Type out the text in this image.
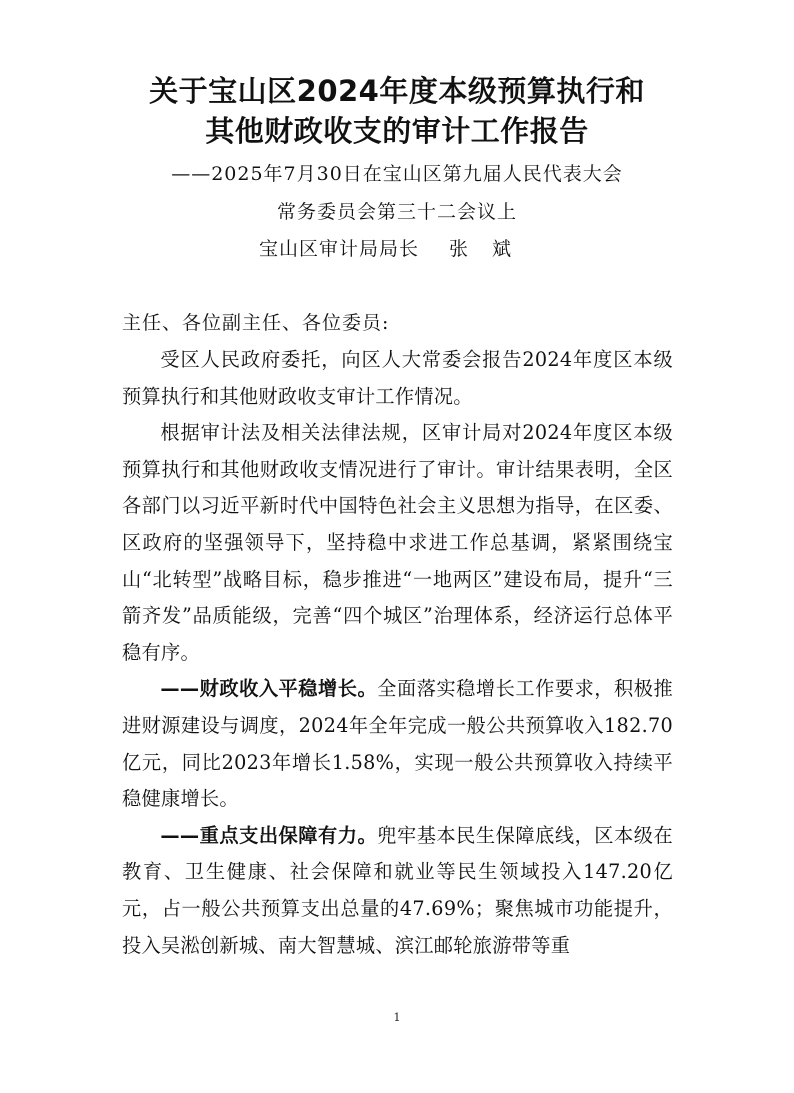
关于宝山区2024年度本级预算执行和
其他财政收支的审计工作报告
——2025年7月30日在宝山区第九届人民代表大会
常务委员会第三十二会议上
宝山区审计局局长 张斌
主任、各位副主任、各位委员:

受区人民政府委托，向区人大常委会报告2024年度区本级预算执行和其他财政收支审计工作情况。

根据审计法及相关法律法规，区审计局对2024年度区本级预算执行和其他财政收支情况进行了审计。审计结果表明，全区各部门以习近平新时代中国特色社会主义思想为指导，在区委、区政府的坚强领导下，坚持稳中求进工作总基调，紧紧围绕宝山“北转型”战略目标，稳步推进“一地两区”建设布局，提升“三箭齐发”品质能级，完善“四个城区”治理体系，经济运行总体平稳有序。

——财政收入平稳增长。全面落实稳增长工作要求，积极推进财源建设与调度，2024年全年完成一般公共预算收入182.70亿元，同比2023年增长1.58%，实现一般公共预算收入持续平稳健康增长。

——重点支出保障有力。兜牢基本民生保障底线，区本级在教育、卫生健康、社会保障和就业等民生领域投入147.20亿元，占一般公共预算支出总量的47.69%；聚焦城市功能提升，投入吴淞创新城、南大智慧城、滨江邮轮旅游带等重

1
